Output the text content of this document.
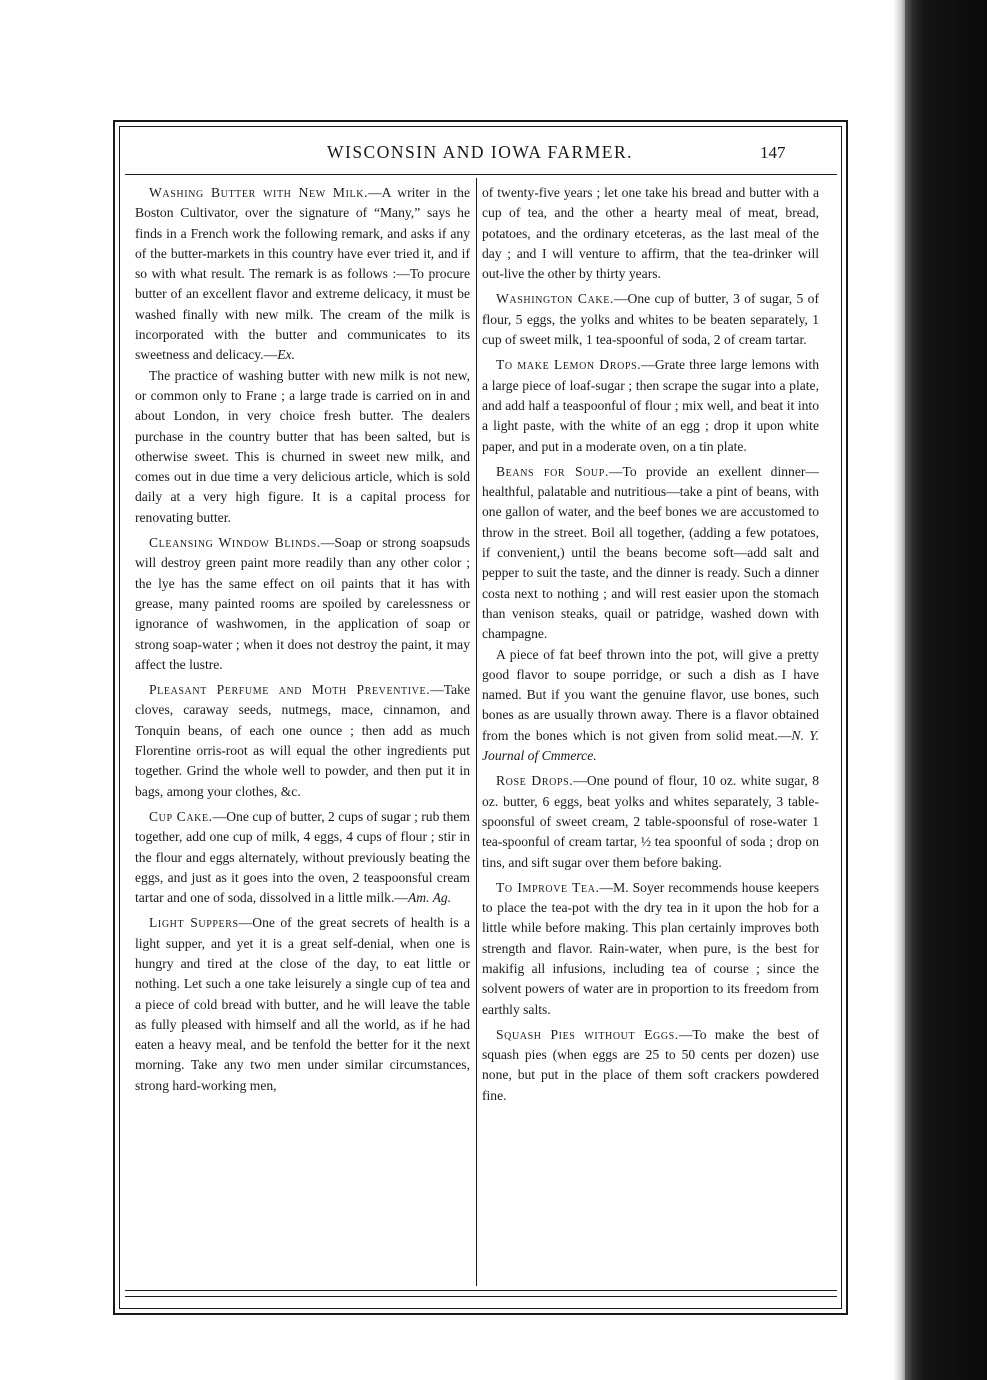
WISCONSIN AND IOWA FARMER.	147

Washing Butter with New Milk.—A writer in the Boston Cultivator, over the signature of “Many,” says he finds in a French work the following remark, and asks if any of the butter-markets in this country have ever tried it, and if so with what result. The remark is as follows :—To procure butter of an excellent flavor and extreme delicacy, it must be washed finally with new milk. The cream of the milk is incorporated with the butter and communicates to its sweetness and delicacy.—Ex.

The practice of washing butter with new milk is not new, or common only to Frane ; a large trade is carried on in and about London, in very choice fresh butter. The dealers purchase in the country butter that has been salted, but is otherwise sweet. This is churned in sweet new milk, and comes out in due time a very delicious article, which is sold daily at a very high figure. It is a capital process for renovating butter.

Cleansing Window Blinds.—Soap or strong soapsuds will destroy green paint more readily than any other color ; the lye has the same effect on oil paints that it has with grease, many painted rooms are spoiled by carelessness or ignorance of washwomen, in the application of soap or strong soap-water ; when it does not destroy the paint, it may affect the lustre.

Pleasant Perfume and Moth Preventive.—Take cloves, caraway seeds, nutmegs, mace, cinnamon, and Tonquin beans, of each one ounce ; then add as much Florentine orris-root as will equal the other ingredients put together. Grind the whole well to powder, and then put it in bags, among your clothes, &c.

Cup Cake.—One cup of butter, 2 cups of sugar ; rub them together, add one cup of milk, 4 eggs, 4 cups of flour ; stir in the flour and eggs alternately, without previously beating the eggs, and just as it goes into the oven, 2 teaspoonsful cream tartar and one of soda, dissolved in a little milk.—Am. Ag.

Light Suppers—One of the great secrets of health is a light supper, and yet it is a great self-denial, when one is hungry and tired at the close of the day, to eat little or nothing. Let such a one take leisurely a single cup of tea and a piece of cold bread with butter, and he will leave the table as fully pleased with himself and all the world, as if he had eaten a heavy meal, and be tenfold the better for it the next morning. Take any two men under similar circumstances, strong hard-working men,

of twenty-five years ; let one take his bread and butter with a cup of tea, and the other a hearty meal of meat, bread, potatoes, and the ordinary etceteras, as the last meal of the day ; and I will venture to affirm, that the tea-drinker will out-live the other by thirty years.

Washington Cake.—One cup of butter, 3 of sugar, 5 of flour, 5 eggs, the yolks and whites to be beaten separately, 1 cup of sweet milk, 1 tea-spoonful of soda, 2 of cream tartar.

To make Lemon Drops.—Grate three large lemons with a large piece of loaf-sugar ; then scrape the sugar into a plate, and add half a teaspoonful of flour ; mix well, and beat it into a light paste, with the white of an egg ; drop it upon white paper, and put in a moderate oven, on a tin plate.

Beans for Soup.—To provide an exellent dinner—healthful, palatable and nutritious—take a pint of beans, with one gallon of water, and the beef bones we are accustomed to throw in the street. Boil all together, (adding a few potatoes, if convenient,) until the beans become soft—add salt and pepper to suit the taste, and the dinner is ready. Such a dinner costa next to nothing ; and will rest easier upon the stomach than venison steaks, quail or patridge, washed down with champagne.

A piece of fat beef thrown into the pot, will give a pretty good flavor to soupe porridge, or such a dish as I have named. But if you want the genuine flavor, use bones, such bones as are usually thrown away. There is a flavor obtained from the bones which is not given from solid meat.—N. Y. Journal of Cmmerce.

Rose Drops.—One pound of flour, 10 oz. white sugar, 8 oz. butter, 6 eggs, beat yolks and whites separately, 3 table-spoonsful of sweet cream, 2 table-spoonsful of rose-water 1 tea-spoonful of cream tartar, ½ tea spoonful of soda ; drop on tins, and sift sugar over them before baking.

To Improve Tea.—M. Soyer recommends house keepers to place the tea-pot with the dry tea in it upon the hob for a little while before making. This plan certainly improves both strength and flavor. Rain-water, when pure, is the best for makifig all infusions, including tea of course ; since the solvent powers of water are in proportion to its freedom from earthly salts.

Squash Pies without Eggs.—To make the best of squash pies (when eggs are 25 to 50 cents per dozen) use none, but put in the place of them soft crackers powdered fine.
